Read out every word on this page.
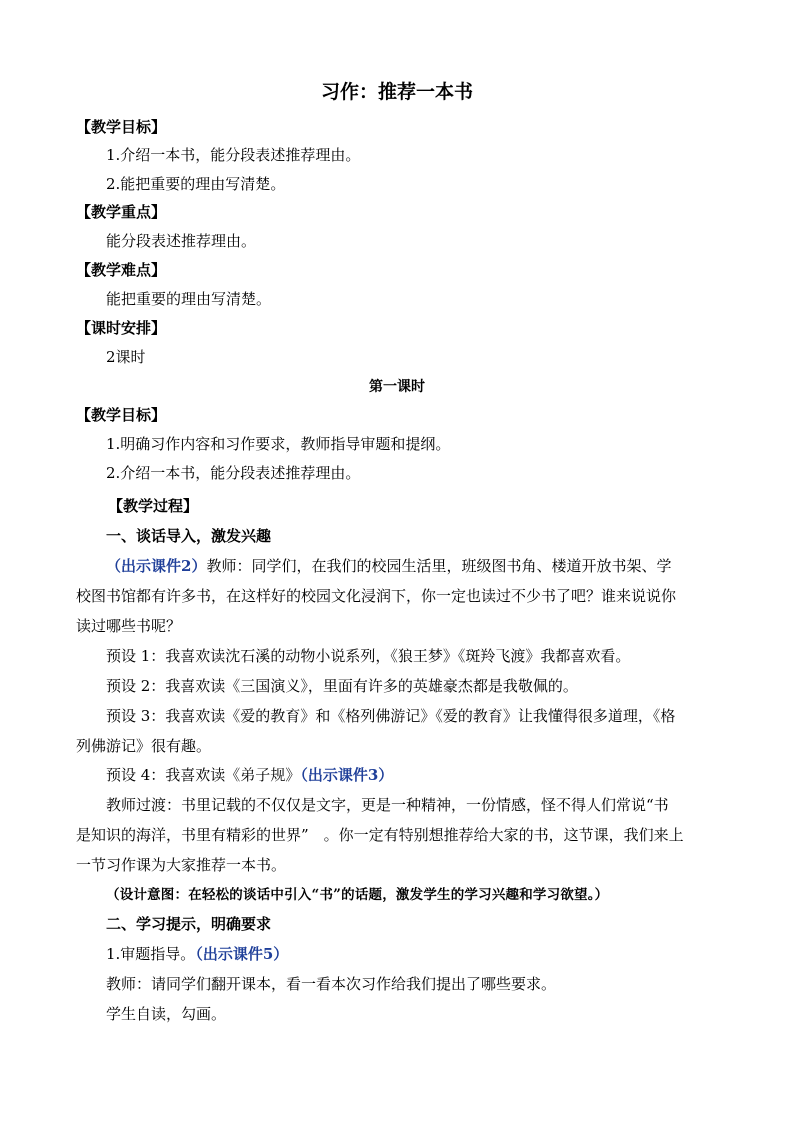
习作：推荐一本书
【教学目标】
1.介绍一本书，能分段表述推荐理由。
2.能把重要的理由写清楚。
【教学重点】
能分段表述推荐理由。
【教学难点】
能把重要的理由写清楚。
【课时安排】
2课时
第一课时
【教学目标】
1.明确习作内容和习作要求，教师指导审题和提纲。
2.介绍一本书，能分段表述推荐理由。
【教学过程】
一、谈话导入，激发兴趣
（出示课件2）教师：同学们，在我们的校园生活里，班级图书角、楼道开放书架、学
校图书馆都有许多书，在这样好的校园文化浸润下，你一定也读过不少书了吧？谁来说说你
读过哪些书呢？
预设 1：我喜欢读沈石溪的动物小说系列，《狼王梦》《斑羚飞渡》我都喜欢看。
预设 2：我喜欢读《三国演义》，里面有许多的英雄豪杰都是我敬佩的。
预设 3：我喜欢读《爱的教育》和《格列佛游记》《爱的教育》让我懂得很多道理，《格
列佛游记》很有趣。
预设 4：我喜欢读《弟子规》（出示课件3）
教师过渡：书里记载的不仅仅是文字，更是一种精神，一份情感，怪不得人们常说“书
是知识的海洋，书里有精彩的世界”　。你一定有特别想推荐给大家的书，这节课，我们来上
一节习作课为大家推荐一本书。
（设计意图：在轻松的谈话中引入“书”的话题，激发学生的学习兴趣和学习欲望。）
二、学习提示，明确要求
1.审题指导。（出示课件5）
教师：请同学们翻开课本，看一看本次习作给我们提出了哪些要求。
学生自读，勾画。
